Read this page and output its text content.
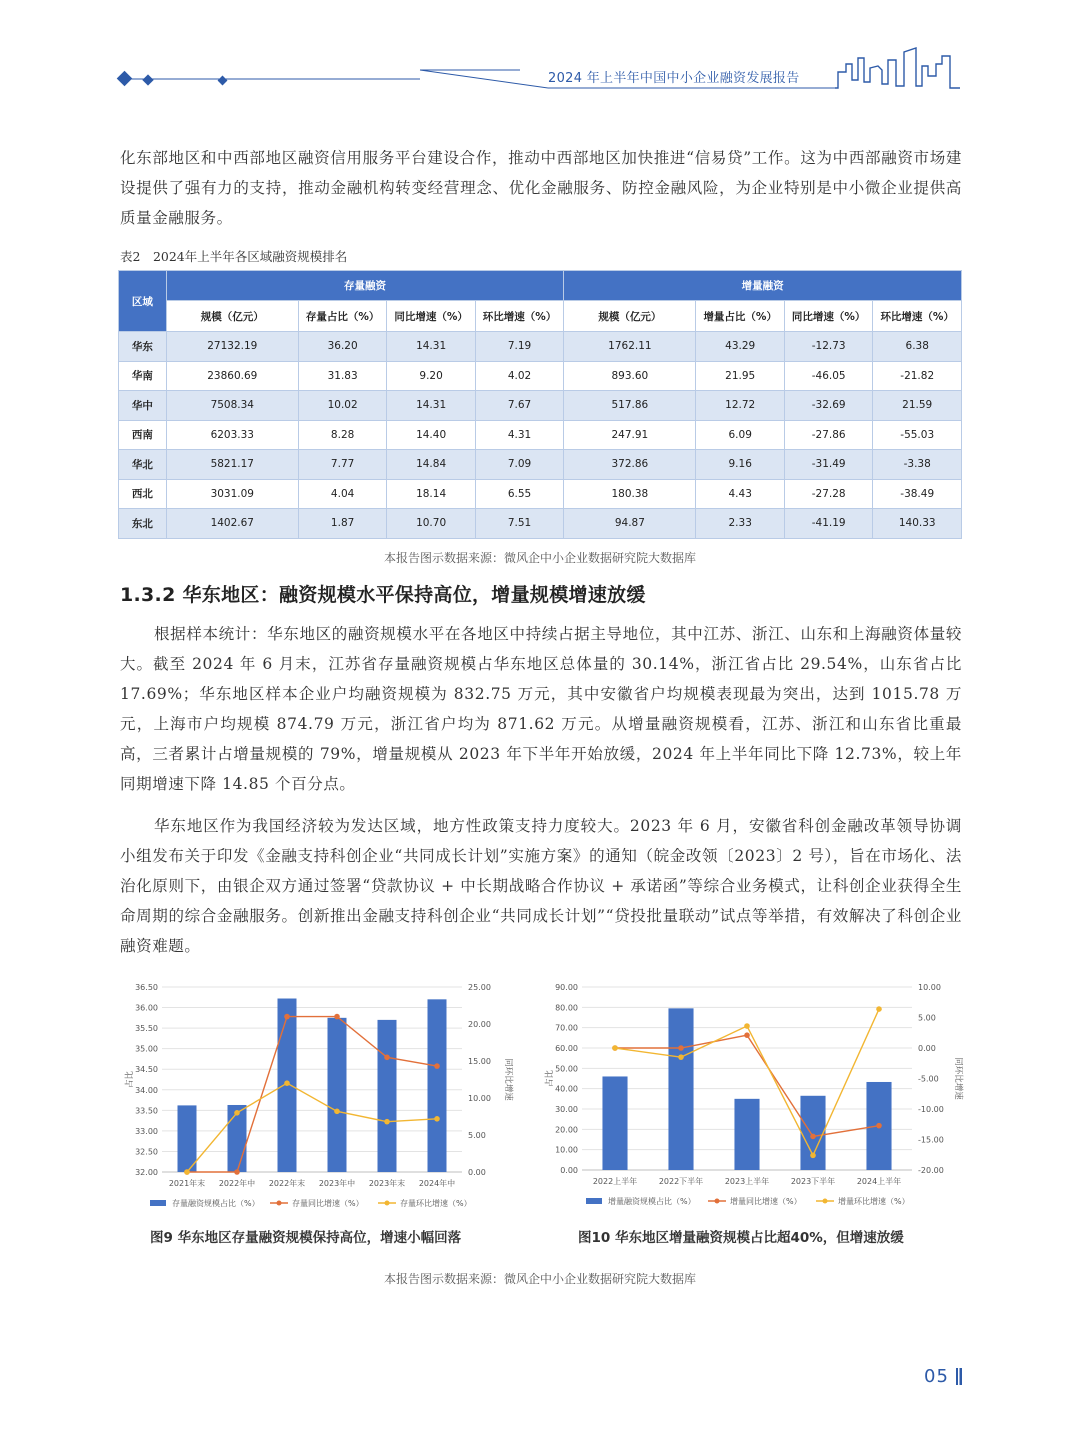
2024 年上半年中国中小企业融资发展报告

化东部地区和中西部地区融资信用服务平台建设合作，推动中西部地区加快推进“信易贷”工作。这为中西部融资市场建设提供了强有力的支持，推动金融机构转变经营理念、优化金融服务、防控金融风险，为企业特别是中小微企业提供高质量金融服务。

表2　2024年上半年各区域融资规模排名
区域	存量融资				增量融资			
	规模（亿元）	存量占比（%）	同比增速（%）	环比增速（%）	规模（亿元）	增量占比（%）	同比增速（%）	环比增速（%）
华东	27132.19	36.20	14.31	7.19	1762.11	43.29	-12.73	6.38
华南	23860.69	31.83	9.20	4.02	893.60	21.95	-46.05	-21.82
华中	7508.34	10.02	14.31	7.67	517.86	12.72	-32.69	21.59
西南	6203.33	8.28	14.40	4.31	247.91	6.09	-27.86	-55.03
华北	5821.17	7.77	14.84	7.09	372.86	9.16	-31.49	-3.38
西北	3031.09	4.04	18.14	6.55	180.38	4.43	-27.28	-38.49
东北	1402.67	1.87	10.70	7.51	94.87	2.33	-41.19	140.33
本报告图示数据来源：微风企中小企业数据研究院大数据库
1.3.2 华东地区：融资规模水平保持高位，增量规模增速放缓

根据样本统计：华东地区的融资规模水平在各地区中持续占据主导地位，其中江苏、浙江、山东和上海融资体量较大。截至 2024 年 6 月末，江苏省存量融资规模占华东地区总体量的 30.14%，浙江省占比 29.54%，山东省占比 17.69%；华东地区样本企业户均融资规模为 832.75 万元，其中安徽省户均规模表现最为突出，达到 1015.78 万元，上海市户均规模 874.79 万元，浙江省户均为 871.62 万元。从增量融资规模看，江苏、浙江和山东省比重最高，三者累计占增量规模的 79%，增量规模从 2023 年下半年开始放缓，2024 年上半年同比下降 12.73%，较上年同期增速下降 14.85 个百分点。

华东地区作为我国经济较为发达区域，地方性政策支持力度较大。2023 年 6 月，安徽省科创金融改革领导协调小组发布关于印发《金融支持科创企业“共同成长计划”实施方案》的通知（皖金改领〔2023〕2 号），旨在市场化、法治化原则下，由银企双方通过签署“贷款协议 + 中长期战略合作协议 + 承诺函”等综合业务模式，让科创企业获得全生命周期的综合金融服务。创新推出金融支持科创企业“共同成长计划”“贷投批量联动”试点等举措，有效解决了科创企业融资难题。

32.00
32.50
33.00
33.50
34.00
34.50
35.00
35.50
36.00
36.50
0.00
5.00
10.00
15.00
20.00
25.00
占比	同环比增速
2021年末 2022年中 2022年末 2023年中 2023年末 2024年中
存量融资规模占比（%）	存量同比增速（%）	存量环比增速（%）
0.00
10.00
20.00
30.00
40.00
50.00
60.00
70.00
80.00
90.00
-20.00
-15.00
-10.00
-5.00
0.00
5.00
10.00
占比	同环比增速
2022上半年	2022下半年	2023上半年	2023下半年	2024上半年
增量融资规模占比（%）	增量同比增速（%）	增量环比增速（%）
图9 华东地区存量融资规模保持高位，增速小幅回落	图10 华东地区增量融资规模占比超40%，但增速放缓
本报告图示数据来源：微风企中小企业数据研究院大数据库
05
